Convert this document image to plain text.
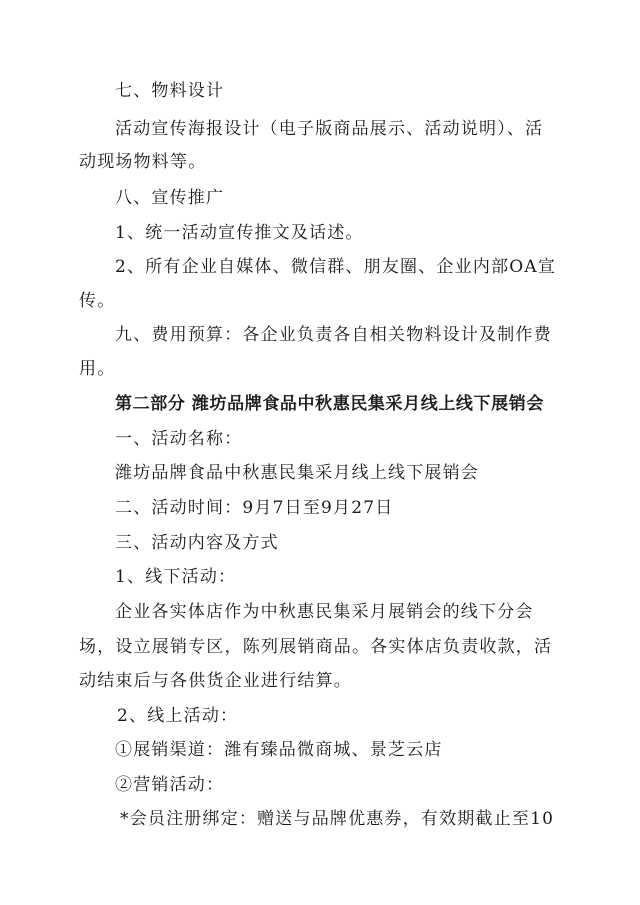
七、物料设计
活动宣传海报设计（电子版商品展示、活动说明）、活
动现场物料等。
八、宣传推广
1、统一活动宣传推文及话述。
2、所有企业自媒体、微信群、朋友圈、企业内部OA宣
传。
九、费用预算：各企业负责各自相关物料设计及制作费
用。
第二部分 潍坊品牌食品中秋惠民集采月线上线下展销会
一、活动名称：
潍坊品牌食品中秋惠民集采月线上线下展销会
二、活动时间：9月7日至9月27日
三、活动内容及方式
1、线下活动：
企业各实体店作为中秋惠民集采月展销会的线下分会
场，设立展销专区，陈列展销商品。各实体店负责收款，活
动结束后与各供货企业进行结算。
2、线上活动：
①展销渠道：潍有臻品微商城、景芝云店
②营销活动：
*会员注册绑定：赠送与品牌优惠券，有效期截止至10
